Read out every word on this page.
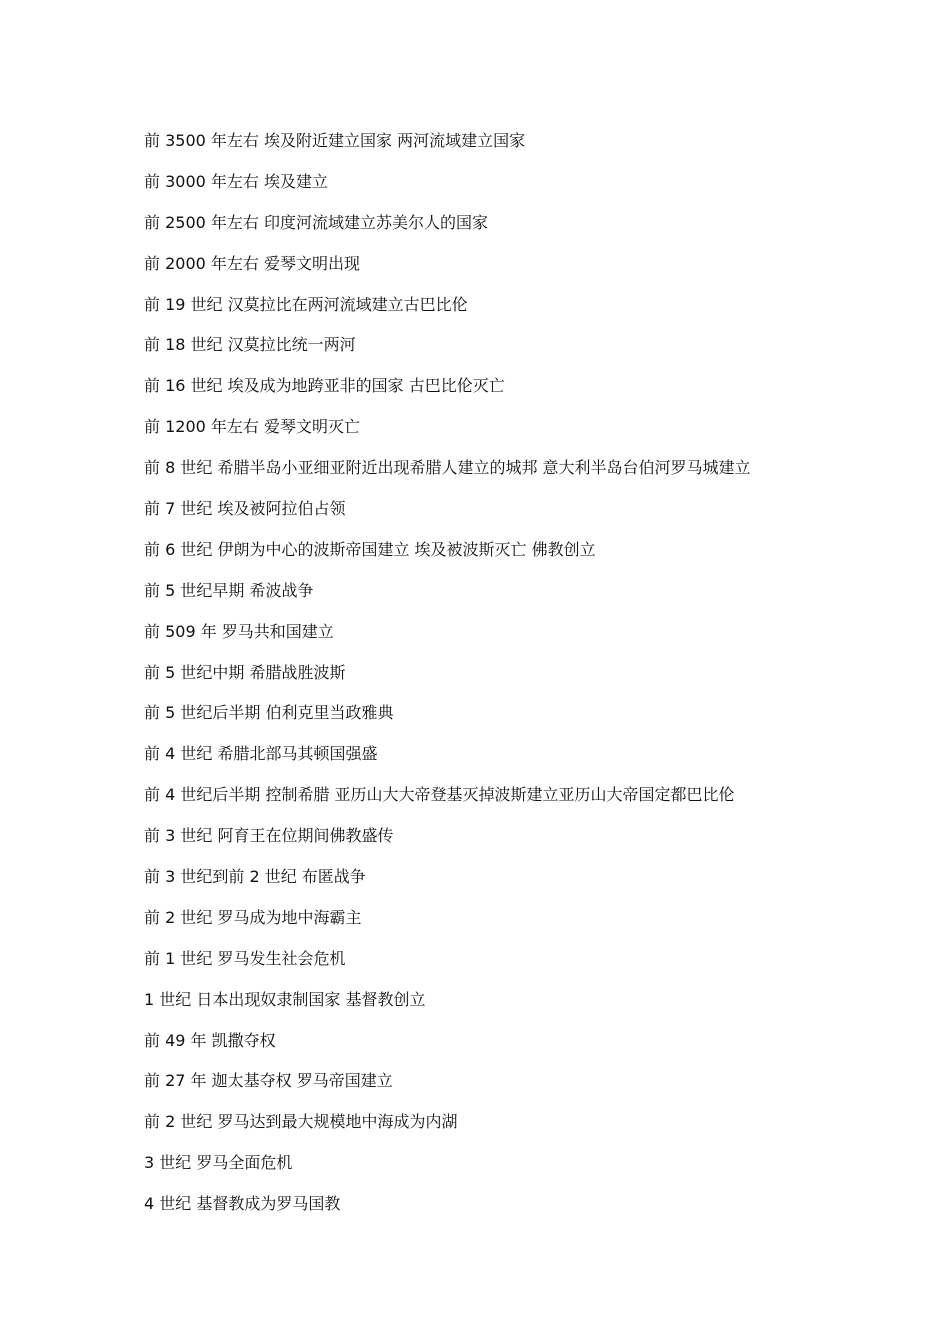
前 3500 年左右 埃及附近建立国家 两河流域建立国家
前 3000 年左右 埃及建立
前 2500 年左右 印度河流域建立苏美尔人的国家
前 2000 年左右 爱琴文明出现
前 19 世纪 汉莫拉比在两河流域建立古巴比伦
前 18 世纪 汉莫拉比统一两河
前 16 世纪 埃及成为地跨亚非的国家 古巴比伦灭亡
前 1200 年左右 爱琴文明灭亡
前 8 世纪 希腊半岛小亚细亚附近出现希腊人建立的城邦 意大利半岛台伯河罗马城建立
前 7 世纪 埃及被阿拉伯占领
前 6 世纪 伊朗为中心的波斯帝国建立 埃及被波斯灭亡 佛教创立
前 5 世纪早期 希波战争
前 509 年 罗马共和国建立
前 5 世纪中期 希腊战胜波斯
前 5 世纪后半期 伯利克里当政雅典
前 4 世纪 希腊北部马其顿国强盛
前 4 世纪后半期 控制希腊 亚历山大大帝登基灭掉波斯建立亚历山大帝国定都巴比伦
前 3 世纪 阿育王在位期间佛教盛传
前 3 世纪到前 2 世纪 布匿战争
前 2 世纪 罗马成为地中海霸主
前 1 世纪 罗马发生社会危机
1 世纪 日本出现奴隶制国家 基督教创立
前 49 年 凯撒夺权
前 27 年 迦太基夺权 罗马帝国建立
前 2 世纪 罗马达到最大规模地中海成为内湖
3 世纪 罗马全面危机
4 世纪 基督教成为罗马国教
